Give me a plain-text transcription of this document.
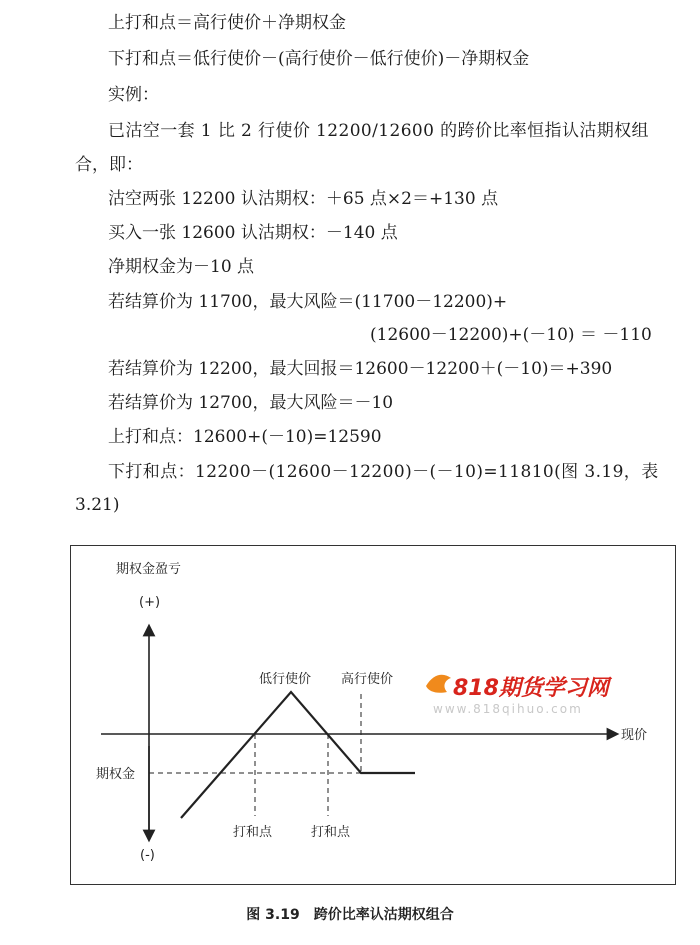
上打和点＝高行使价＋净期权金
下打和点＝低行使价－(高行使价－低行使价)－净期权金
实例：
已沽空一套 1 比 2 行使价 12200/12600 的跨价比率恒指认沽期权组
合，即：
沽空两张 12200 认沽期权：＋65 点×2＝+130 点
买入一张 12600 认沽期权：－140 点
净期权金为－10 点
若结算价为 11700，最大风险＝(11700－12200)+
(12600－12200)+(－10) ＝ －110
若结算价为 12200，最大回报＝12600－12200＋(－10)＝+390
若结算价为 12700，最大风险＝－10
上打和点：12600+(－10)=12590
下打和点：12200－(12600－12200)－(－10)=11810(图 3.19，表
3.21)
期权金盈亏
(+)
现价
期权金
低行使价 高行使价
打和点	打和点
(-)
818期货学习网
www.818qihuo.com
图 3.19　跨价比率认沽期权组合
